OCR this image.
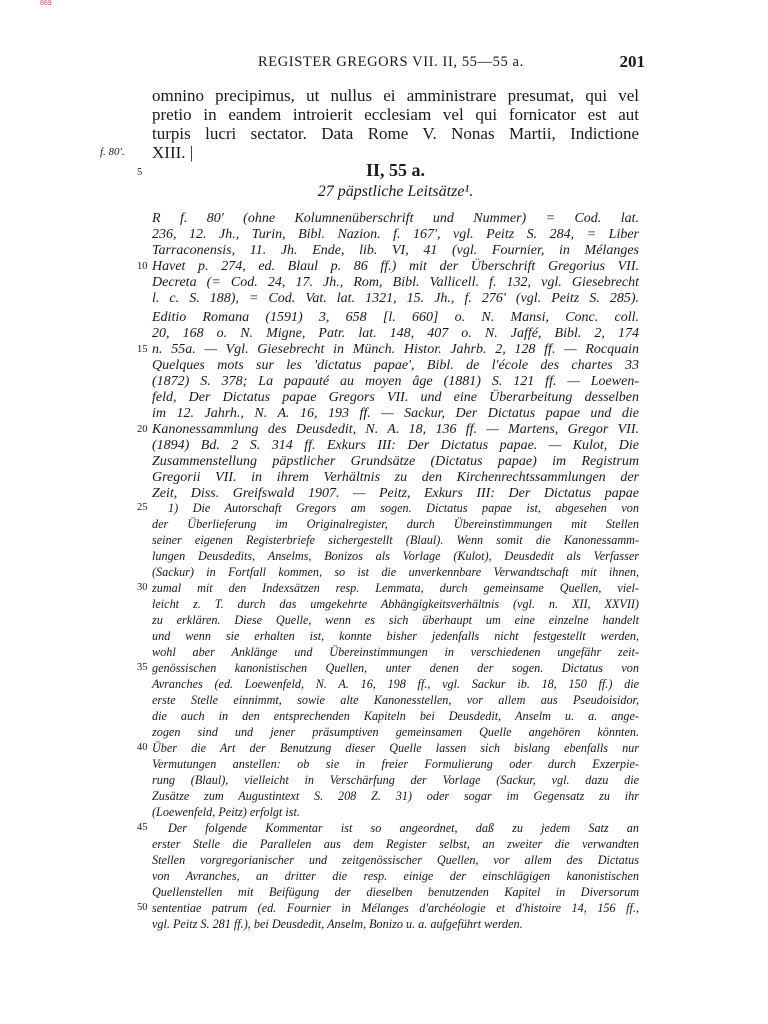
869
REGISTER GREGORS VII. II, 55—55 a.	201
omnino precipimus, ut nullus ei amministrare presumat, qui vel
pretio in eandem introierit ecclesiam vel qui fornicator est aut
turpis lucri sectator. Data Rome V. Nonas Martii, Indictione
XIII. |
f. 80'.
5	II, 55 a.
27 päpstliche Leitsätze¹.
R f. 80' (ohne Kolumnenüberschrift und Nummer) = Cod. lat.
236, 12. Jh., Turin, Bibl. Nazion. f. 167', vgl. Peitz S. 284, = Liber
Tarraconensis, 11. Jh. Ende, lib. VI, 41 (vgl. Fournier, in Mélanges
10 Havet p. 274, ed. Blaul p. 86 ff.) mit der Überschrift Gregorius VII.
Decreta (= Cod. 24, 17. Jh., Rom, Bibl. Vallicell. f. 132, vgl. Giesebrecht
l. c. S. 188), = Cod. Vat. lat. 1321, 15. Jh., f. 276' (vgl. Peitz S. 285).
Editio Romana (1591) 3, 658 [l. 660] o. N. Mansi, Conc. coll.
20, 168 o. N. Migne, Patr. lat. 148, 407 o. N. Jaffé, Bibl. 2, 174
15 n. 55a. — Vgl. Giesebrecht in Münch. Histor. Jahrb. 2, 128 ff. — Rocquain
Quelques mots sur les 'dictatus papae', Bibl. de l'école des chartes 33
(1872) S. 378; La papauté au moyen âge (1881) S. 121 ff. — Loewen-
feld, Der Dictatus papae Gregors VII. und eine Überarbeitung desselben
im 12. Jahrh., N. A. 16, 193 ff. — Sackur, Der Dictatus papae und die
20 Kanonessammlung des Deusdedit, N. A. 18, 136 ff. — Martens, Gregor VII.
(1894) Bd. 2 S. 314 ff. Exkurs III: Der Dictatus papae. — Kulot, Die
Zusammenstellung päpstlicher Grundsätze (Dictatus papae) im Registrum
Gregorii VII. in ihrem Verhältnis zu den Kirchenrechtssammlungen der
Zeit, Diss. Greifswald 1907. — Peitz, Exkurs III: Der Dictatus papae
25 1) Die Autorschaft Gregors am sogen. Dictatus papae ist, abgesehen von
der Überlieferung im Originalregister, durch Übereinstimmungen mit Stellen
seiner eigenen Registerbriefe sichergestellt (Blaul). Wenn somit die Kanonessamm-
lungen Deusdedits, Anselms, Bonizos als Vorlage (Kulot), Deusdedit als Verfasser
(Sackur) in Fortfall kommen, so ist die unverkennbare Verwandtschaft mit ihnen,
30 zumal mit den Indexsätzen resp. Lemmata, durch gemeinsame Quellen, viel-
leicht z. T. durch das umgekehrte Abhängigkeitsverhältnis (vgl. n. XII, XXVII)
zu erklären. Diese Quelle, wenn es sich überhaupt um eine einzelne handelt
und wenn sie erhalten ist, konnte bisher jedenfalls nicht festgestellt werden,
wohl aber Anklänge und Übereinstimmungen in verschiedenen ungefähr zeit-
35 genössischen kanonistischen Quellen, unter denen der sogen. Dictatus von
Avranches (ed. Loewenfeld, N. A. 16, 198 ff., vgl. Sackur ib. 18, 150 ff.) die
erste Stelle einnimmt, sowie alte Kanonesstellen, vor allem aus Pseudoisidor,
die auch in den entsprechenden Kapiteln bei Deusdedit, Anselm u. a. ange-
zogen sind und jener präsumptiven gemeinsamen Quelle angehören könnten.
40 Über die Art der Benutzung dieser Quelle lassen sich bislang ebenfalls nur
Vermutungen anstellen: ob sie in freier Formulierung oder durch Exzerpie-
rung (Blaul), vielleicht in Verschärfung der Vorlage (Sackur, vgl. dazu die
Zusätze zum Augustintext S. 208 Z. 31) oder sogar im Gegensatz zu ihr
(Loewenfeld, Peitz) erfolgt ist.
45 Der folgende Kommentar ist so angeordnet, daß zu jedem Satz an
erster Stelle die Parallelen aus dem Register selbst, an zweiter die verwandten
Stellen vorgregorianischer und zeitgenössischer Quellen, vor allem des Dictatus
von Avranches, an dritter die resp. einige der einschlägigen kanonistischen
Quellenstellen mit Beifügung der dieselben benutzenden Kapitel in Diversorum
50 sententiae patrum (ed. Fournier in Mélanges d'archéologie et d'histoire 14, 156 ff.,
vgl. Peitz S. 281 ff.), bei Deusdedit, Anselm, Bonizo u. a. aufgeführt werden.
